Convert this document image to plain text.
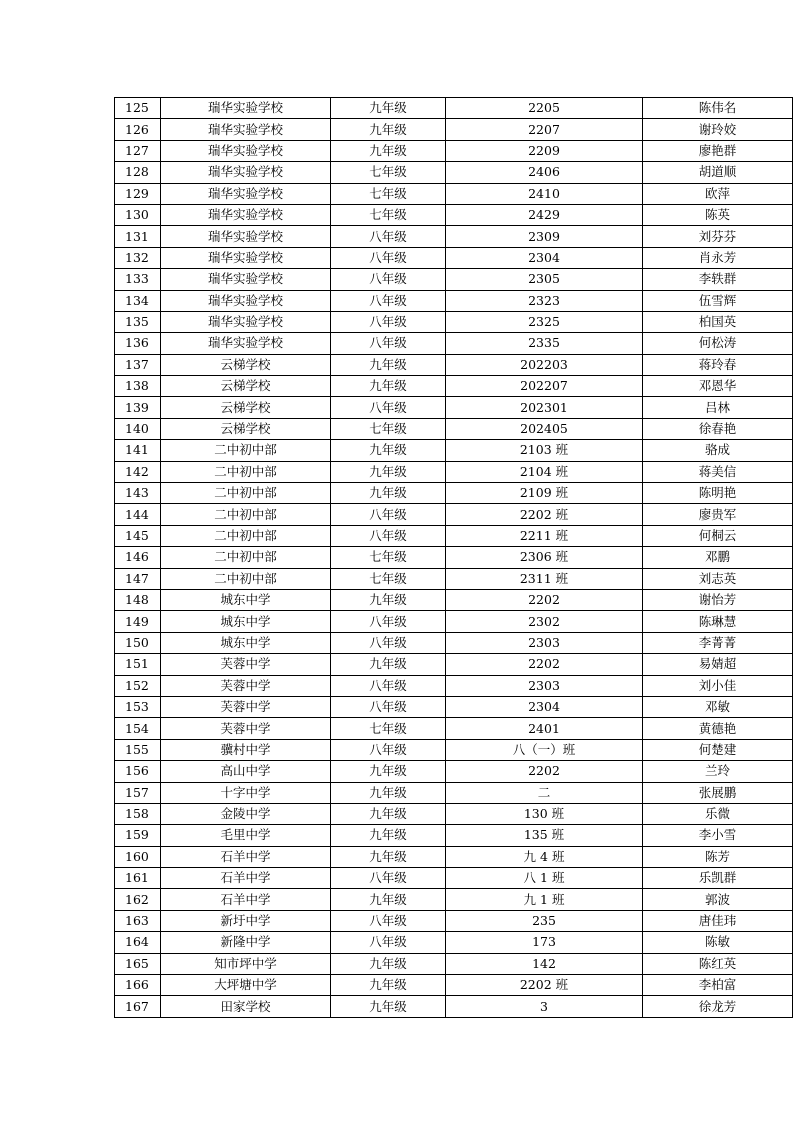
125	瑞华实验学校	九年级	2205	陈伟名
126	瑞华实验学校	九年级	2207	谢玲姣
127	瑞华实验学校	九年级	2209	廖艳群
128	瑞华实验学校	七年级	2406	胡道顺
129	瑞华实验学校	七年级	2410	欧萍
130	瑞华实验学校	七年级	2429	陈英
131	瑞华实验学校	八年级	2309	刘芬芬
132	瑞华实验学校	八年级	2304	肖永芳
133	瑞华实验学校	八年级	2305	李轶群
134	瑞华实验学校	八年级	2323	伍雪辉
135	瑞华实验学校	八年级	2325	柏国英
136	瑞华实验学校	八年级	2335	何松涛
137	云梯学校	九年级	202203	蒋玲春
138	云梯学校	九年级	202207	邓恩华
139	云梯学校	八年级	202301	吕林
140	云梯学校	七年级	202405	徐春艳
141	二中初中部	九年级	2103 班	骆成
142	二中初中部	九年级	2104 班	蒋美信
143	二中初中部	九年级	2109 班	陈明艳
144	二中初中部	八年级	2202 班	廖贵军
145	二中初中部	八年级	2211 班	何桐云
146	二中初中部	七年级	2306 班	邓鹏
147	二中初中部	七年级	2311 班	刘志英
148	城东中学	九年级	2202	谢怡芳
149	城东中学	八年级	2302	陈琳慧
150	城东中学	八年级	2303	李菁菁
151	芙蓉中学	九年级	2202	易婧超
152	芙蓉中学	八年级	2303	刘小佳
153	芙蓉中学	八年级	2304	邓敏
154	芙蓉中学	七年级	2401	黄德艳
155	骥村中学	八年级	八（一）班	何楚建
156	高山中学	九年级	2202	兰玲
157	十字中学	九年级	二	张展鹏
158	金陵中学	九年级	130 班	乐微
159	毛里中学	九年级	135 班	李小雪
160	石羊中学	九年级	九 4 班	陈芳
161	石羊中学	八年级	八 1 班	乐凯群
162	石羊中学	九年级	九 1 班	郭波
163	新圩中学	八年级	235	唐佳玮
164	新隆中学	八年级	173	陈敏
165	知市坪中学	九年级	142	陈红英
166	大坪塘中学	九年级	2202 班	李柏富
167	田家学校	九年级	3	徐龙芳
